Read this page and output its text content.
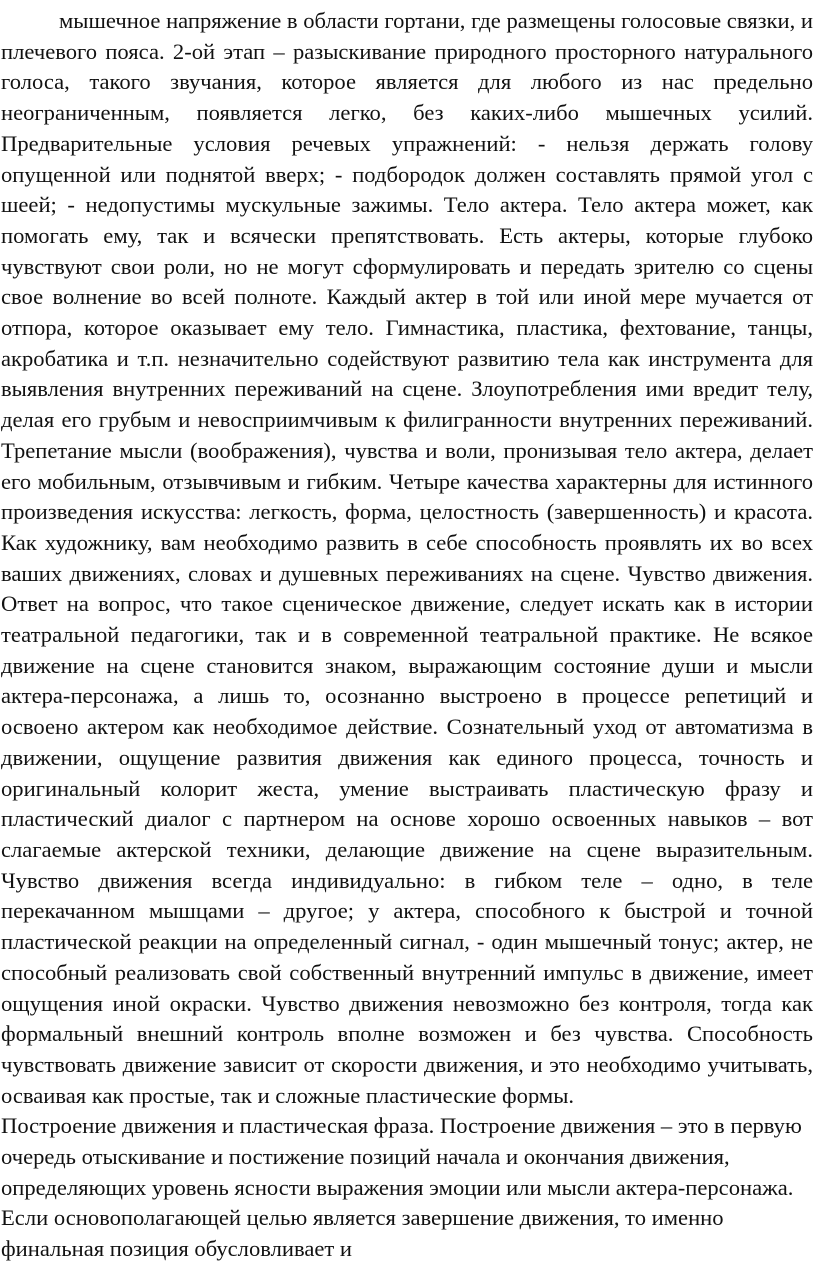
мышечное напряжение в области гортани, где размещены голосовые связки, и плечевого пояса. 2-ой этап – разыскивание природного просторного натурального голоса, такого звучания, которое является для любого из нас предельно неограниченным, появляется легко, без каких-либо мышечных усилий. Предварительные условия речевых упражнений: - нельзя держать голову опущенной или поднятой вверх; - подбородок должен составлять прямой угол с шеей; - недопустимы мускульные зажимы. Тело актера. Тело актера может, как помогать ему, так и всячески препятствовать. Есть актеры, которые глубоко чувствуют свои роли, но не могут сформулировать и передать зрителю со сцены свое волнение во всей полноте. Каждый актер в той или иной мере мучается от отпора, которое оказывает ему тело. Гимнастика, пластика, фехтование, танцы, акробатика и т.п. незначительно содействуют развитию тела как инструмента для выявления внутренних переживаний на сцене. Злоупотребления ими вредит телу, делая его грубым и невосприимчивым к филигранности внутренних переживаний. Трепетание мысли (воображения), чувства и воли, пронизывая тело актера, делает его мобильным, отзывчивым и гибким. Четыре качества характерны для истинного произведения искусства: легкость, форма, целостность (завершенность) и красота. Как художнику, вам необходимо развить в себе способность проявлять их во всех ваших движениях, словах и душевных переживаниях на сцене. Чувство движения. Ответ на вопрос, что такое сценическое движение, следует искать как в истории театральной педагогики, так и в современной театральной практике. Не всякое движение на сцене становится знаком, выражающим состояние души и мысли актера-персонажа, а лишь то, осознанно выстроено в процессе репетиций и освоено актером как необходимое действие. Сознательный уход от автоматизма в движении, ощущение развития движения как единого процесса, точность и оригинальный колорит жеста, умение выстраивать пластическую фразу и пластический диалог с партнером на основе хорошо освоенных навыков – вот слагаемые актерской техники, делающие движение на сцене выразительным. Чувство движения всегда индивидуально: в гибком теле – одно, в теле перекачанном мышцами – другое; у актера, способного к быстрой и точной пластической реакции на определенный сигнал, - один мышечный тонус; актер, не способный реализовать свой собственный внутренний импульс в движение, имеет ощущения иной окраски. Чувство движения невозможно без контроля, тогда как формальный внешний контроль вполне возможен и без чувства. Способность чувствовать движение зависит от скорости движения, и это необходимо учитывать, осваивая как простые, так и сложные пластические формы.

Построение движения и пластическая фраза. Построение движения – это в первую очередь отыскивание и постижение позиций начала и окончания движения, определяющих уровень ясности выражения эмоции или мысли актера-персонажа. Если основополагающей целью является завершение движения, то именно финальная позиция обусловливает и
